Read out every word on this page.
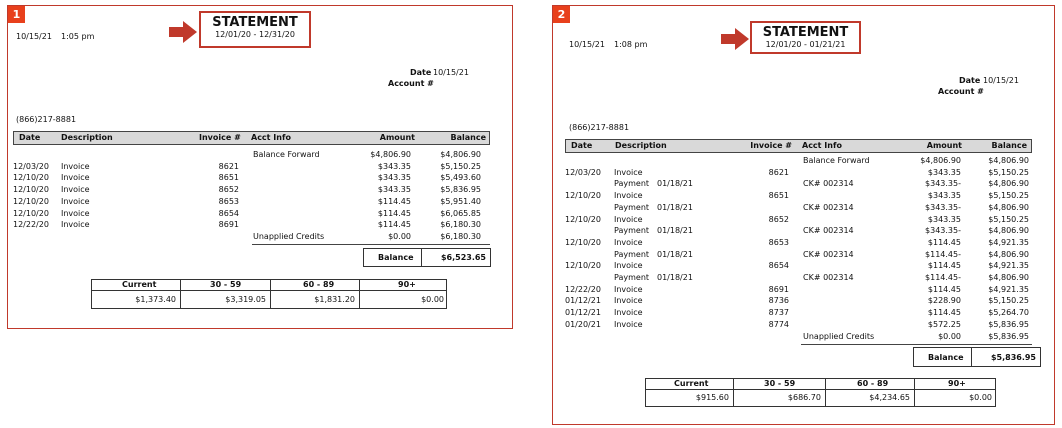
1
10/15/21 1:05 pm
STATEMENT
12/01/20 - 12/31/20
Date 10/15/21
Account #
(866)217-8881
Date	Description	Invoice # Acct Info	Amount	Balance
Balance Forward	$4,806.90	$4,806.90
12/03/20 Invoice	8621	$343.35	$5,150.25
12/10/20 Invoice	8651	$343.35	$5,493.60
12/10/20 Invoice	8652	$343.35	$5,836.95
12/10/20 Invoice	8653	$114.45	$5,951.40
12/10/20 Invoice	8654	$114.45	$6,065.85
12/22/20 Invoice	8691	$114.45	$6,180.30
Unapplied Credits	$0.00	$6,180.30
Balance	$6,523.65
Current	30 - 59	60 - 89	90+
$1,373.40	$3,319.05	$1,831.20	$0.00
2
10/15/21 1:08 pm
STATEMENT
12/01/20 - 01/21/21
Date 10/15/21
Account #
(866)217-8881
Date	Description	Invoice # Acct Info	Amount	Balance
Balance Forward	$4,806.90	$4,806.90
12/03/20 Invoice	8621	$343.35	$5,150.25
Payment 01/18/21	CK# 002314	$343.35-	$4,806.90
12/10/20 Invoice	8651	$343.35	$5,150.25
Payment 01/18/21	CK# 002314	$343.35-	$4,806.90
12/10/20 Invoice	8652	$343.35	$5,150.25
Payment 01/18/21	CK# 002314	$343.35-	$4,806.90
12/10/20 Invoice	8653	$114.45	$4,921.35
Payment 01/18/21	CK# 002314	$114.45-	$4,806.90
12/10/20 Invoice	8654	$114.45	$4,921.35
Payment 01/18/21	CK# 002314	$114.45-	$4,806.90
12/22/20 Invoice	8691	$114.45	$4,921.35
01/12/21 Invoice	8736	$228.90	$5,150.25
01/12/21 Invoice	8737	$114.45	$5,264.70
01/20/21 Invoice	8774	$572.25	$5,836.95
Unapplied Credits	$0.00	$5,836.95
Balance	$5,836.95
Current	30 - 59	60 - 89	90+
$915.60	$686.70	$4,234.65	$0.00
